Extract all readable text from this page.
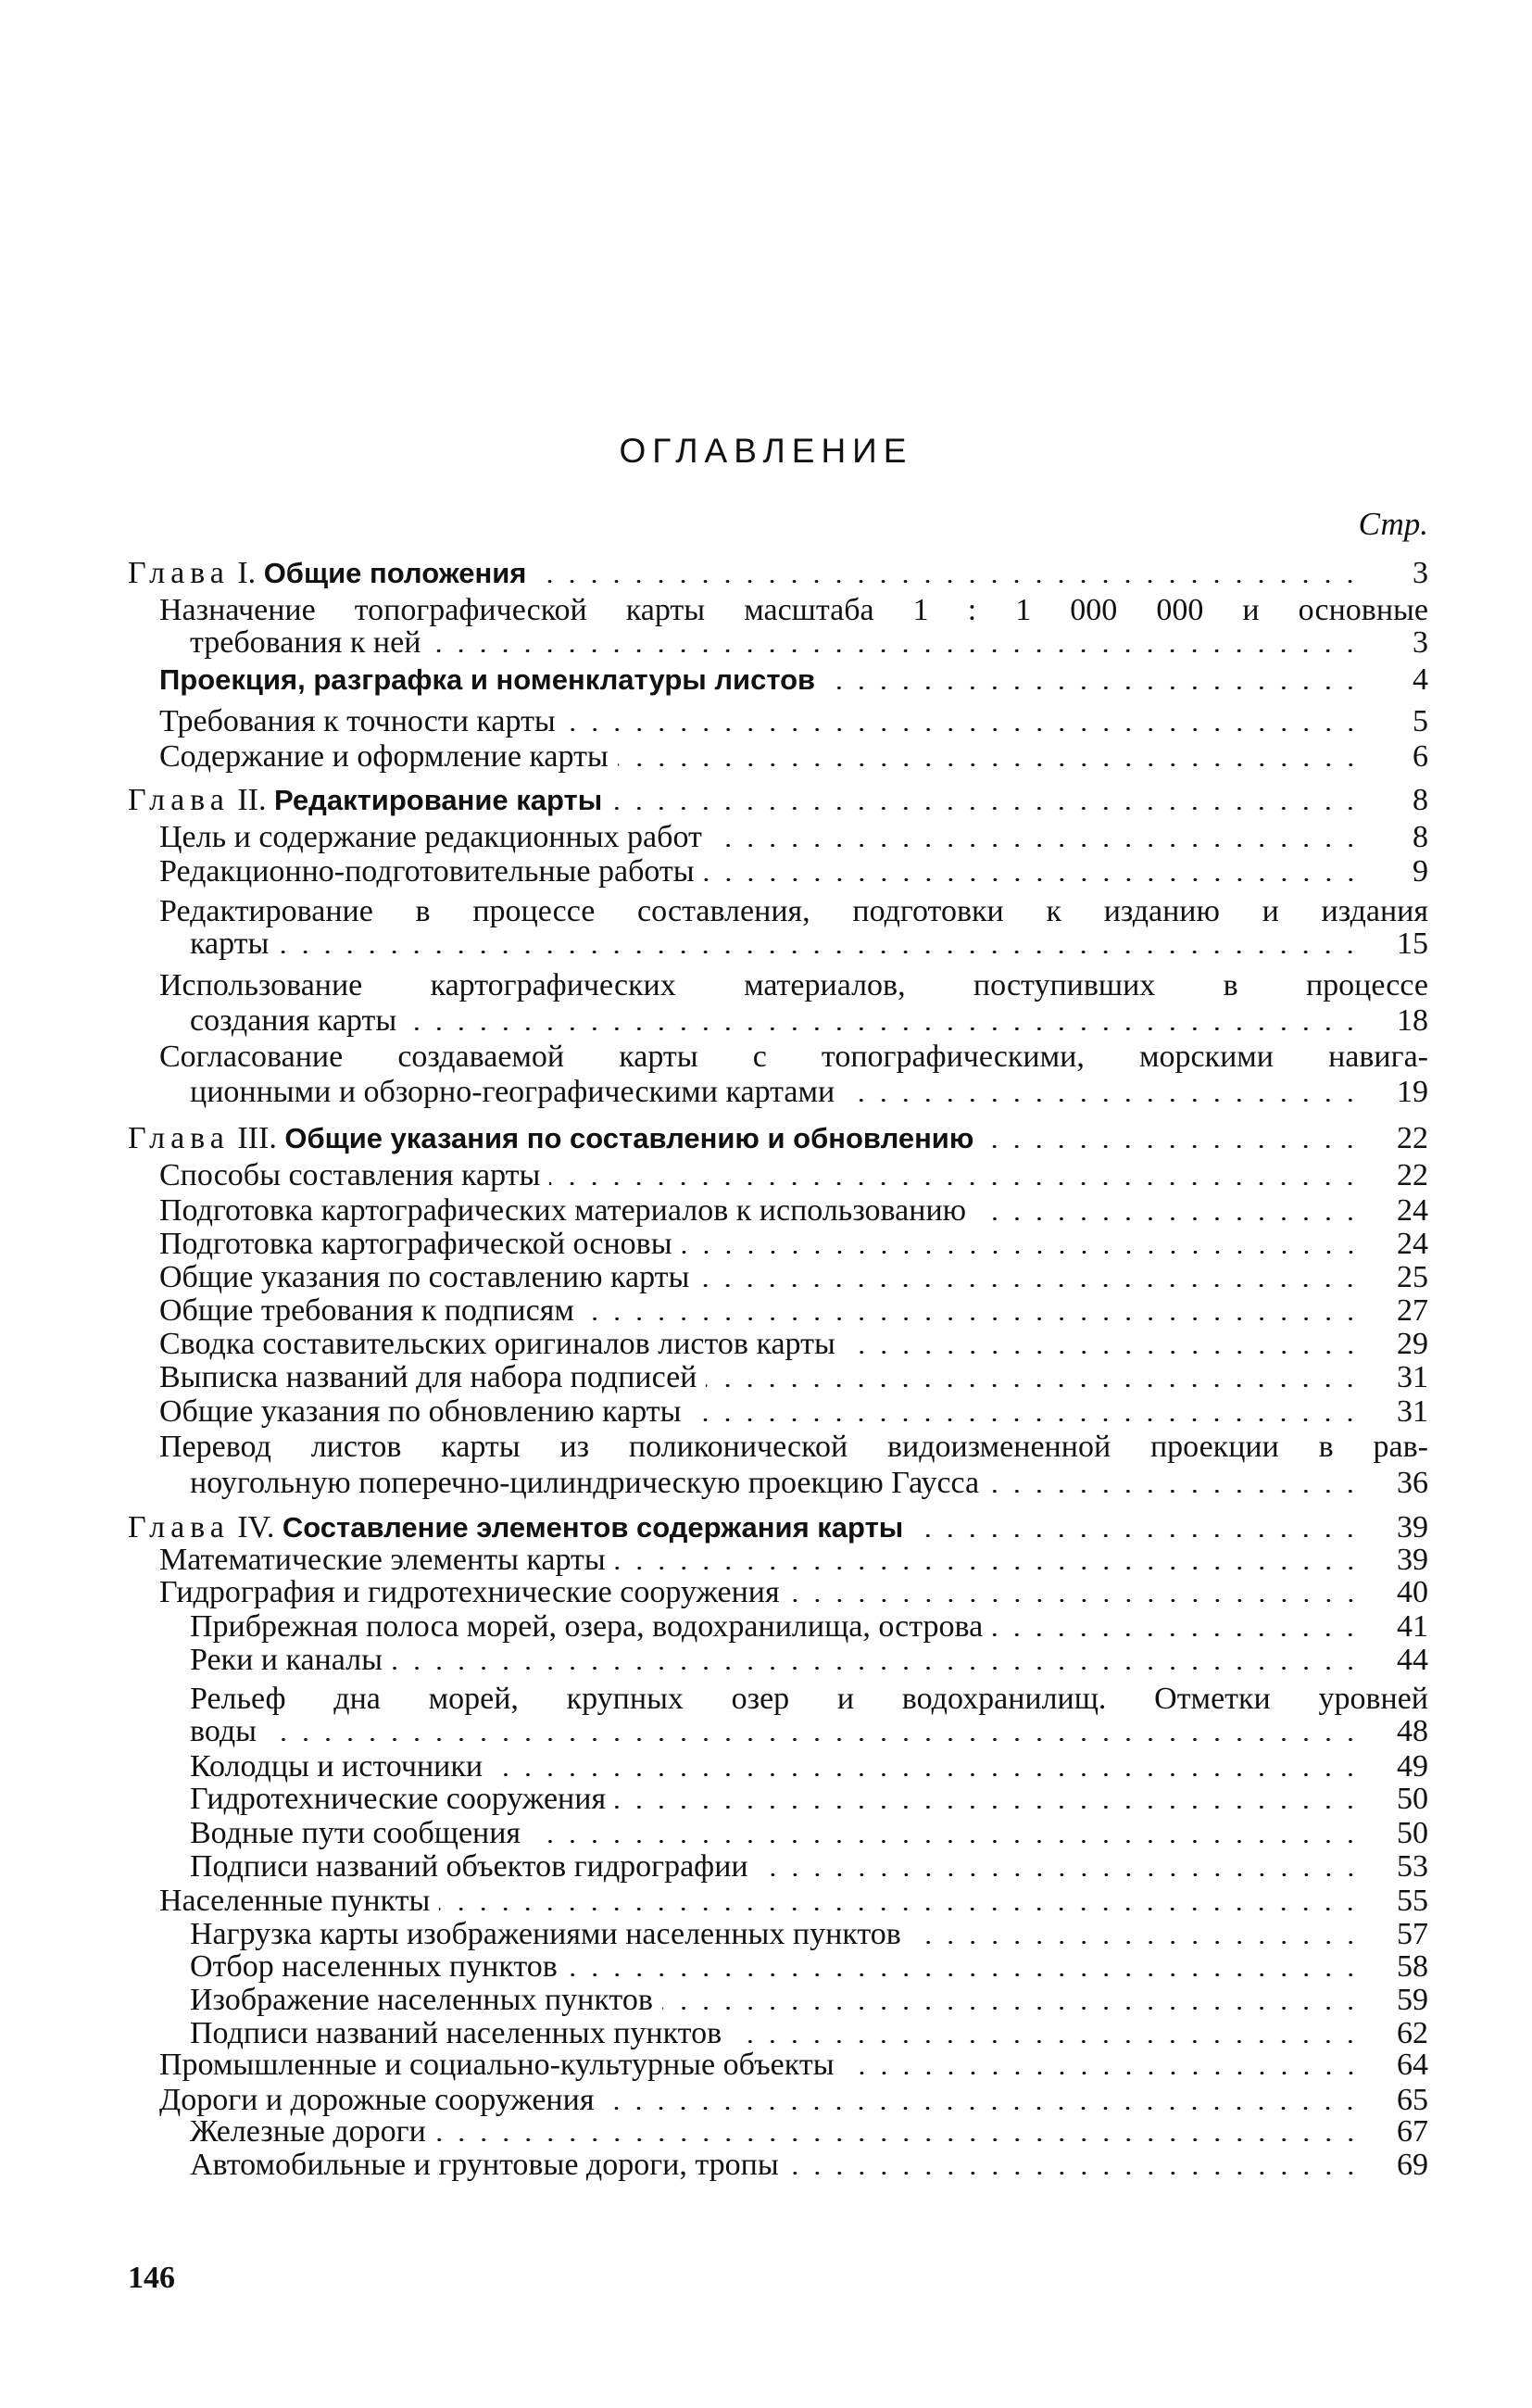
ОГЛАВЛЕНИЕ
Стр.
Глава I. Общие положения	3
Назначение топографической карты масштаба 1 : 1 000 000 и основные
требования к ней	3
Проекция, разграфка и номенклатуры листов	4
Требования к точности карты	5
Содержание и оформление карты	6
Глава II. Редактирование карты	8
Цель и содержание редакционных работ	8
Редакционно-подготовительные работы	9
Редактирование в процессе составления, подготовки к изданию и издания
карты	15
Использование картографических материалов, поступивших в процессе
создания карты	18
Согласование создаваемой карты с топографическими, морскими навига-
ционными и обзорно-географическими картами	19
Глава III. Общие указания по составлению и обновлению	22
Способы составления карты	22
Подготовка картографических материалов к использованию	24
Подготовка картографической основы	24
Общие указания по составлению карты	25
Общие требования к подписям	27
Сводка составительских оригиналов листов карты	29
Выписка названий для набора подписей	31
Общие указания по обновлению карты	31
Перевод листов карты из поликонической видоизмененной проекции в рав-
ноугольную поперечно-цилиндрическую проекцию Гаусса	36
Глава IV. Составление элементов содержания карты	39
Математические элементы карты	39
Гидрография и гидротехнические сооружения	40
Прибрежная полоса морей, озера, водохранилища, острова	41
Реки и каналы	44
Рельеф дна морей, крупных озер и водохранилищ. Отметки уровней
воды	48
Колодцы и источники	49
Гидротехнические сооружения	50
Водные пути сообщения	50
Подписи названий объектов гидрографии	53
Населенные пункты	55
Нагрузка карты изображениями населенных пунктов	57
Отбор населенных пунктов	58
Изображение населенных пунктов	59
Подписи названий населенных пунктов	62
Промышленные и социально-культурные объекты	64
Дороги и дорожные сооружения	65
Железные дороги	67
Автомобильные и грунтовые дороги, тропы	69
146
